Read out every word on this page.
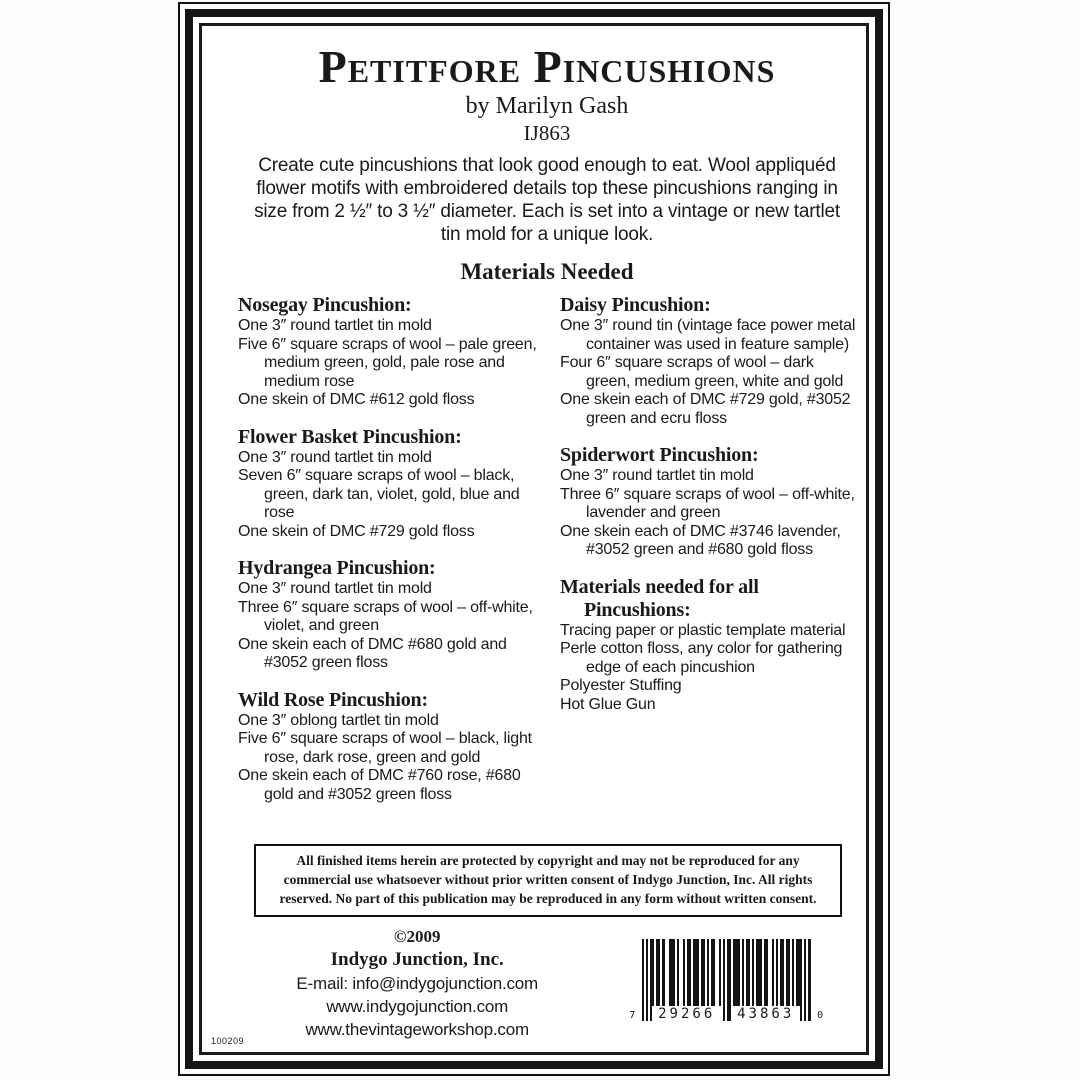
Petitfore Pincushions
by Marilyn Gash
IJ863
Create cute pincushions that look good enough to eat. Wool appliquéd flower motifs with embroidered details top these pincushions ranging in size from 2 ½″ to 3 ½″ diameter. Each is set into a vintage or new tartlet tin mold for a unique look.
Materials Needed
Nosegay Pincushion:
One 3″ round tartlet tin mold
Five 6″ square scraps of wool – pale green, medium green, gold, pale rose and medium rose
One skein of DMC #612 gold floss
Flower Basket Pincushion:
One 3″ round tartlet tin mold
Seven 6″ square scraps of wool – black, green, dark tan, violet, gold, blue and rose
One skein of DMC #729 gold floss
Hydrangea Pincushion:
One 3″ round tartlet tin mold
Three 6″ square scraps of wool – off-white, violet, and green
One skein each of DMC #680 gold and #3052 green floss
Wild Rose Pincushion:
One 3″ oblong tartlet tin mold
Five 6″ square scraps of wool – black, light rose, dark rose, green and gold
One skein each of DMC #760 rose, #680 gold and #3052 green floss
Daisy Pincushion:
One 3″ round tin (vintage face power metal container was used in feature sample)
Four 6″ square scraps of wool – dark green, medium green, white and gold
One skein each of DMC #729 gold, #3052 green and ecru floss
Spiderwort Pincushion:
One 3″ round tartlet tin mold
Three 6″ square scraps of wool – off-white, lavender and green
One skein each of DMC #3746 lavender, #3052 green and #680 gold floss
Materials needed for all Pincushions:
Tracing paper or plastic template material
Perle cotton floss, any color for gathering edge of each pincushion
Polyester Stuffing
Hot Glue Gun
All finished items herein are protected by copyright and may not be reproduced for any commercial use whatsoever without prior written consent of Indygo Junction, Inc. All rights reserved. No part of this publication may be reproduced in any form without written consent.
©2009
Indygo Junction, Inc.
E-mail: info@indygojunction.com
www.indygojunction.com
www.thevintageworkshop.com
29266	43863
7	0
100209
